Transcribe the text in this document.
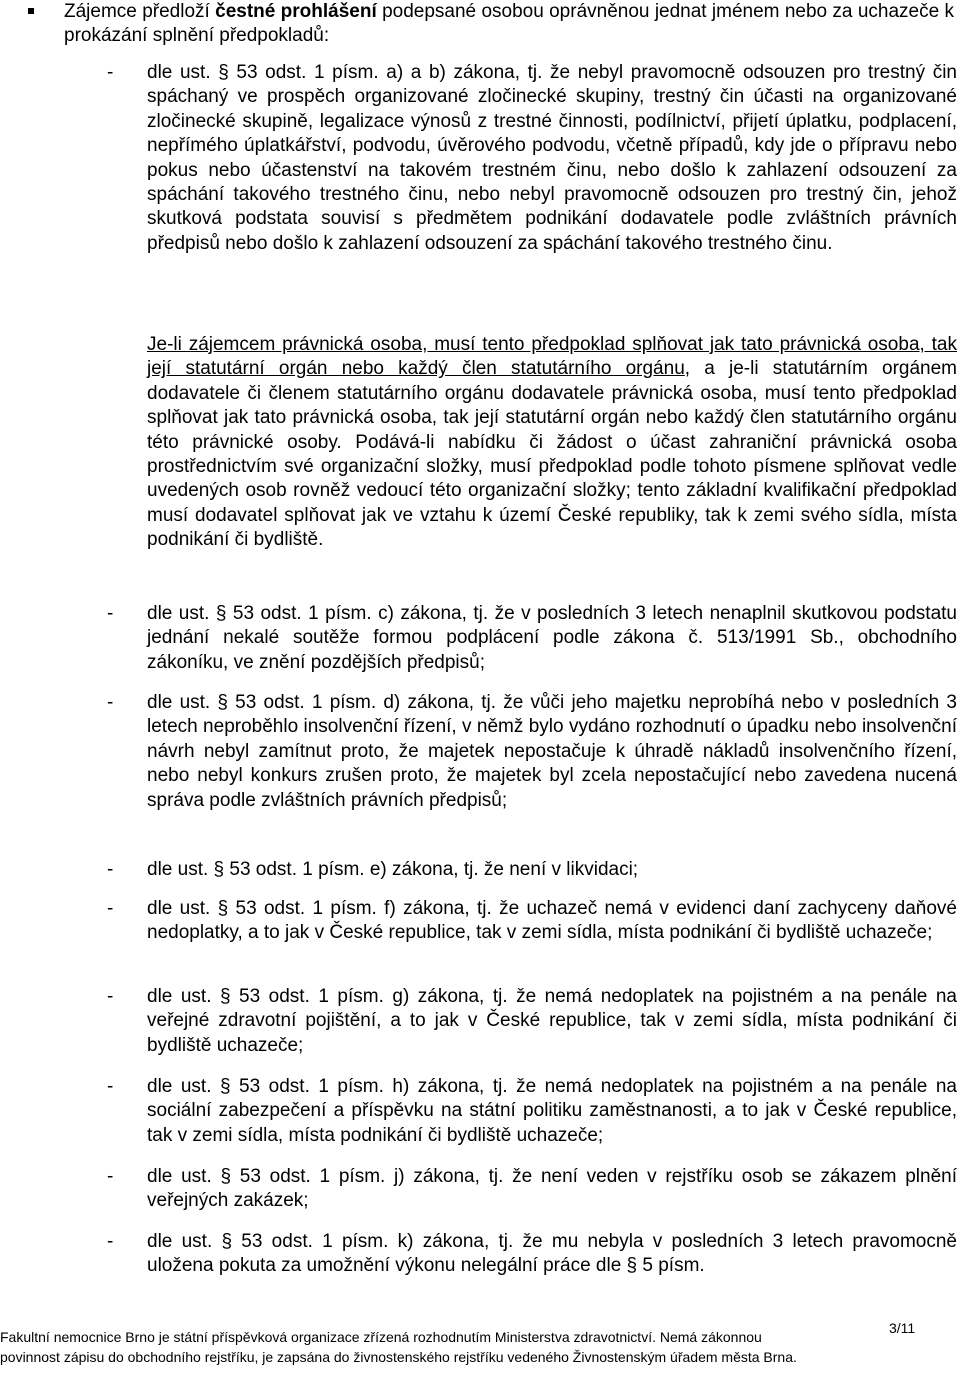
Zájemce předloží čestné prohlášení podepsané osobou oprávněnou jednat jménem nebo za uchazeče k prokázání splnění předpokladů:
- dle ust. § 53 odst. 1 písm. a) a b) zákona, tj. že nebyl pravomocně odsouzen pro trestný čin spáchaný ve prospěch organizované zločinecké skupiny, trestný čin účasti na organizované zločinecké skupině, legalizace výnosů z trestné činnosti, podílnictví, přijetí úplatku, podplacení, nepřímého úplatkářství, podvodu, úvěrového podvodu, včetně případů, kdy jde o přípravu nebo pokus nebo účastenství na takovém trestném činu, nebo došlo k zahlazení odsouzení za spáchání takového trestného činu, nebo nebyl pravomocně odsouzen pro trestný čin, jehož skutková podstata souvisí s předmětem podnikání dodavatele podle zvláštních právních předpisů nebo došlo k zahlazení odsouzení za spáchání takového trestného činu.
Je-li zájemcem právnická osoba, musí tento předpoklad splňovat jak tato právnická osoba, tak její statutární orgán nebo každý člen statutárního orgánu, a je-li statutárním orgánem dodavatele či členem statutárního orgánu dodavatele právnická osoba, musí tento předpoklad splňovat jak tato právnická osoba, tak její statutární orgán nebo každý člen statutárního orgánu této právnické osoby. Podává-li nabídku či žádost o účast zahraniční právnická osoba prostřednictvím své organizační složky, musí předpoklad podle tohoto písmene splňovat vedle uvedených osob rovněž vedoucí této organizační složky; tento základní kvalifikační předpoklad musí dodavatel splňovat jak ve vztahu k území České republiky, tak k zemi svého sídla, místa podnikání či bydliště.
- dle ust. § 53 odst. 1 písm. c) zákona, tj. že v posledních 3 letech nenaplnil skutkovou podstatu jednání nekalé soutěže formou podplácení podle zákona č. 513/1991 Sb., obchodního zákoníku, ve znění pozdějších předpisů;
- dle ust. § 53 odst. 1 písm. d) zákona, tj. že vůči jeho majetku neprobíhá nebo v posledních 3 letech neproběhlo insolvenční řízení, v němž bylo vydáno rozhodnutí o úpadku nebo insolvenční návrh nebyl zamítnut proto, že majetek nepostačuje k úhradě nákladů insolvenčního řízení, nebo nebyl konkurs zrušen proto, že majetek byl zcela nepostačující nebo zavedena nucená správa podle zvláštních právních předpisů;
- dle ust. § 53 odst. 1 písm. e) zákona, tj. že není v likvidaci;
- dle ust. § 53 odst. 1 písm. f) zákona, tj. že uchazeč nemá v evidenci daní zachyceny daňové nedoplatky, a to jak v České republice, tak v zemi sídla, místa podnikání či bydliště uchazeče;
- dle ust. § 53 odst. 1 písm. g) zákona, tj. že nemá nedoplatek na pojistném a na penále na veřejné zdravotní pojištění, a to jak v České republice, tak v zemi sídla, místa podnikání či bydliště uchazeče;
- dle ust. § 53 odst. 1 písm. h) zákona, tj. že nemá nedoplatek na pojistném a na penále na sociální zabezpečení a příspěvku na státní politiku zaměstnanosti, a to jak v České republice, tak v zemi sídla, místa podnikání či bydliště uchazeče;
- dle ust. § 53 odst. 1 písm. j) zákona, tj. že není veden v rejstříku osob se zákazem plnění veřejných zakázek;
- dle ust. § 53 odst. 1 písm. k) zákona, tj. že mu nebyla v posledních 3 letech pravomocně uložena pokuta za umožnění výkonu nelegální práce dle § 5 písm.
3/11
Fakultní nemocnice Brno je státní příspěvková organizace zřízená rozhodnutím Ministerstva zdravotnictví. Nemá zákonnou
povinnost zápisu do obchodního rejstříku, je zapsána do živnostenského rejstříku vedeného Živnostenským úřadem města Brna.
